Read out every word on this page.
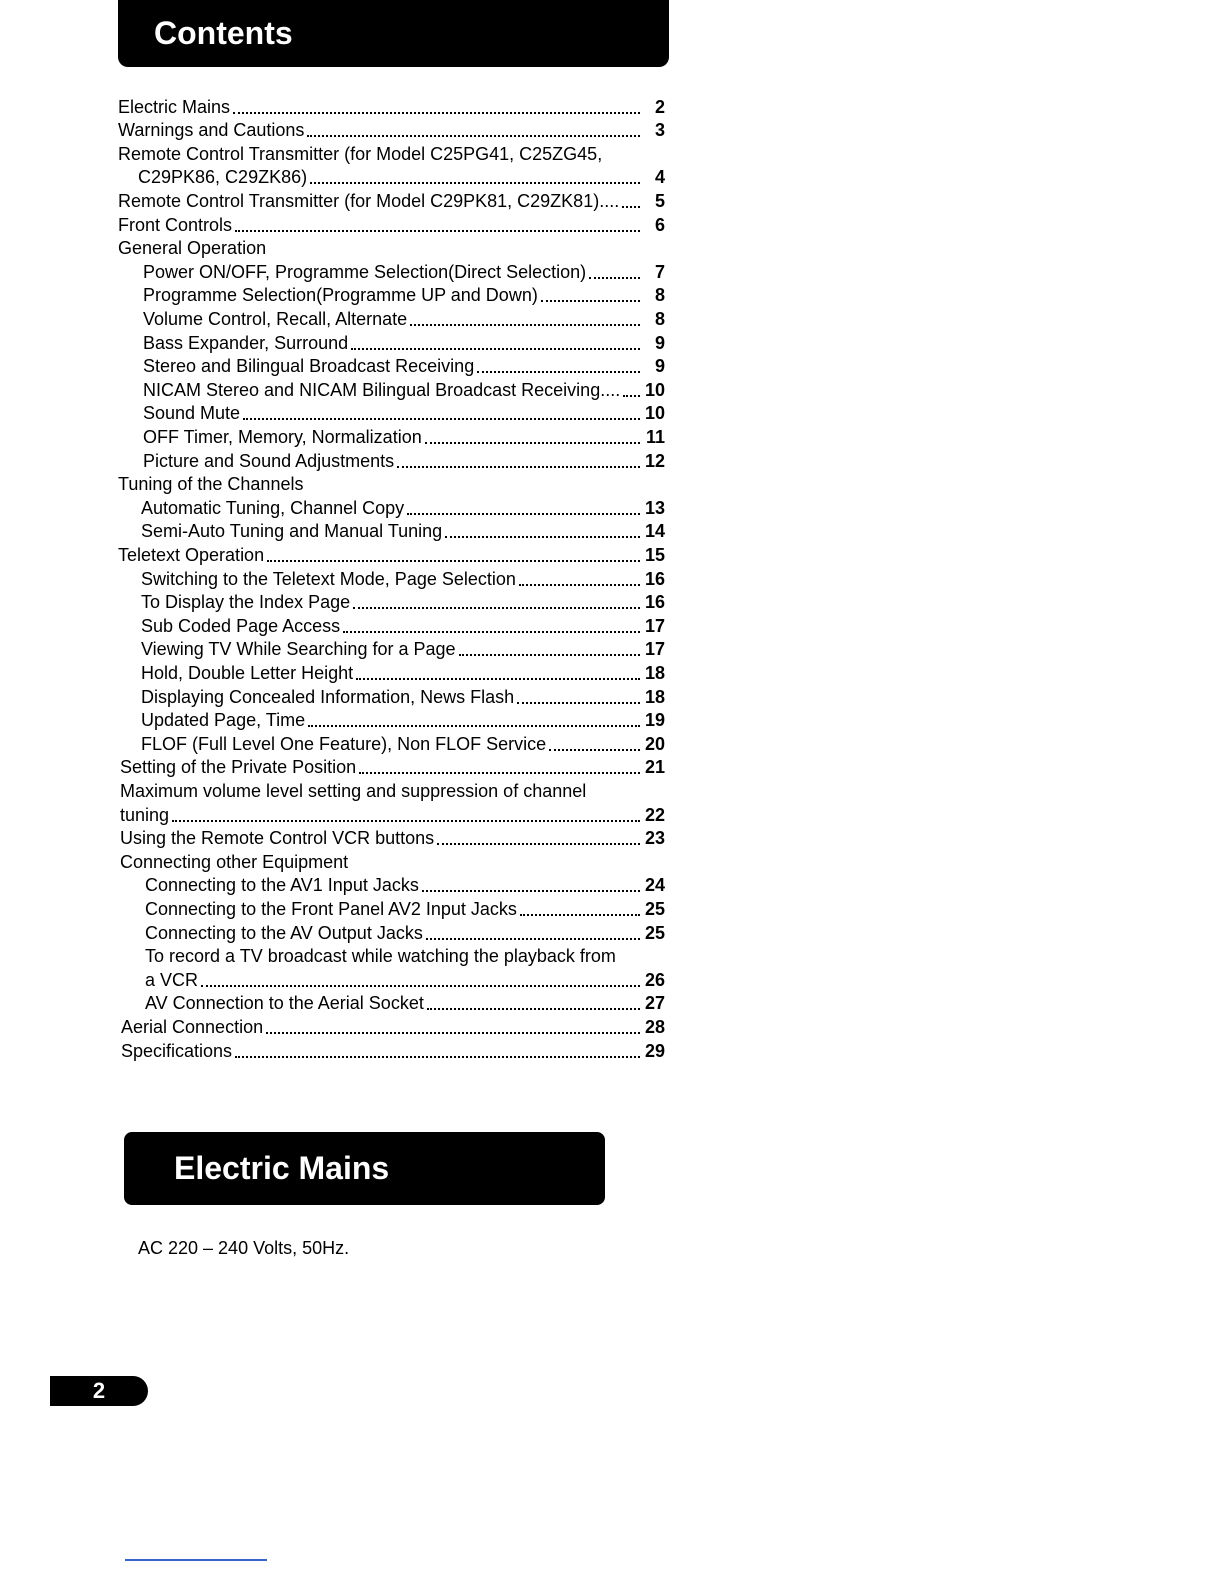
Contents
Electric Mains	2
Warnings and Cautions	3
Remote Control Transmitter (for Model C25PG41, C25ZG45,
C29PK86, C29ZK86)	4
Remote Control Transmitter (for Model C29PK81, C29ZK81)....	5
Front Controls	6
General Operation
Power ON/OFF, Programme Selection(Direct Selection)	7
Programme Selection(Programme UP and Down)	8
Volume Control, Recall, Alternate	8
Bass Expander, Surround	9
Stereo and Bilingual Broadcast Receiving	9
NICAM Stereo and NICAM Bilingual Broadcast Receiving.... 10
Sound Mute	10
OFF Timer, Memory, Normalization	11
Picture and Sound Adjustments	12
Tuning of the Channels
Automatic Tuning, Channel Copy	13
Semi-Auto Tuning and Manual Tuning	14
Teletext Operation	15
Switching to the Teletext Mode, Page Selection	16
To Display the Index Page	16
Sub Coded Page Access	17
Viewing TV While Searching for a Page	17
Hold, Double Letter Height	18
Displaying Concealed Information, News Flash	18
Updated Page, Time	19
FLOF (Full Level One Feature), Non FLOF Service	20
Setting of the Private Position	21
Maximum volume level setting and suppression of channel
tuning	22
Using the Remote Control VCR buttons	23
Connecting other Equipment
Connecting to the AV1 Input Jacks	24
Connecting to the Front Panel AV2 Input Jacks	25
Connecting to the AV Output Jacks	25
To record a TV broadcast while watching the playback from
a VCR	26
AV Connection to the Aerial Socket	27
Aerial Connection	28
Specifications	29
Electric Mains
AC 220 – 240 Volts, 50Hz.
2
